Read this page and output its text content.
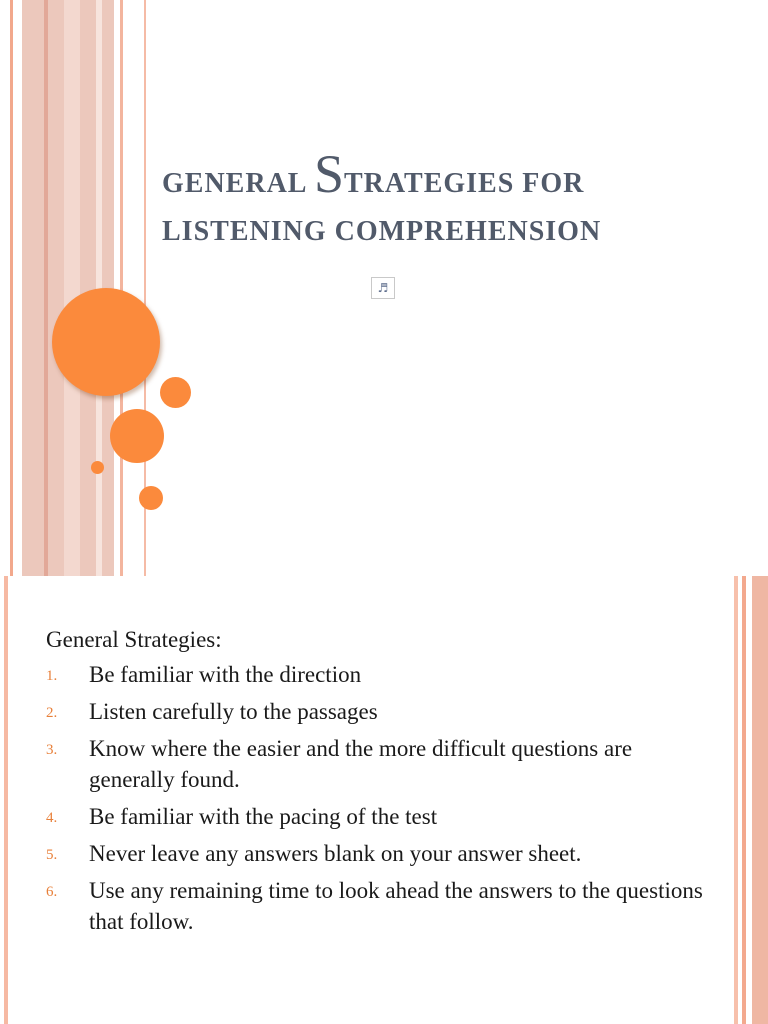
GENERAL STRATEGIES FOR
LISTENING COMPREHENSION
♬
General Strategies:
1. Be familiar with the direction
2. Listen carefully to the passages
3. Know where the easier and the more difficult questions are generally found.
4. Be familiar with the pacing of the test
5. Never leave any answers blank on your answer sheet.
6. Use any remaining time to look ahead the answers to the questions that follow.
